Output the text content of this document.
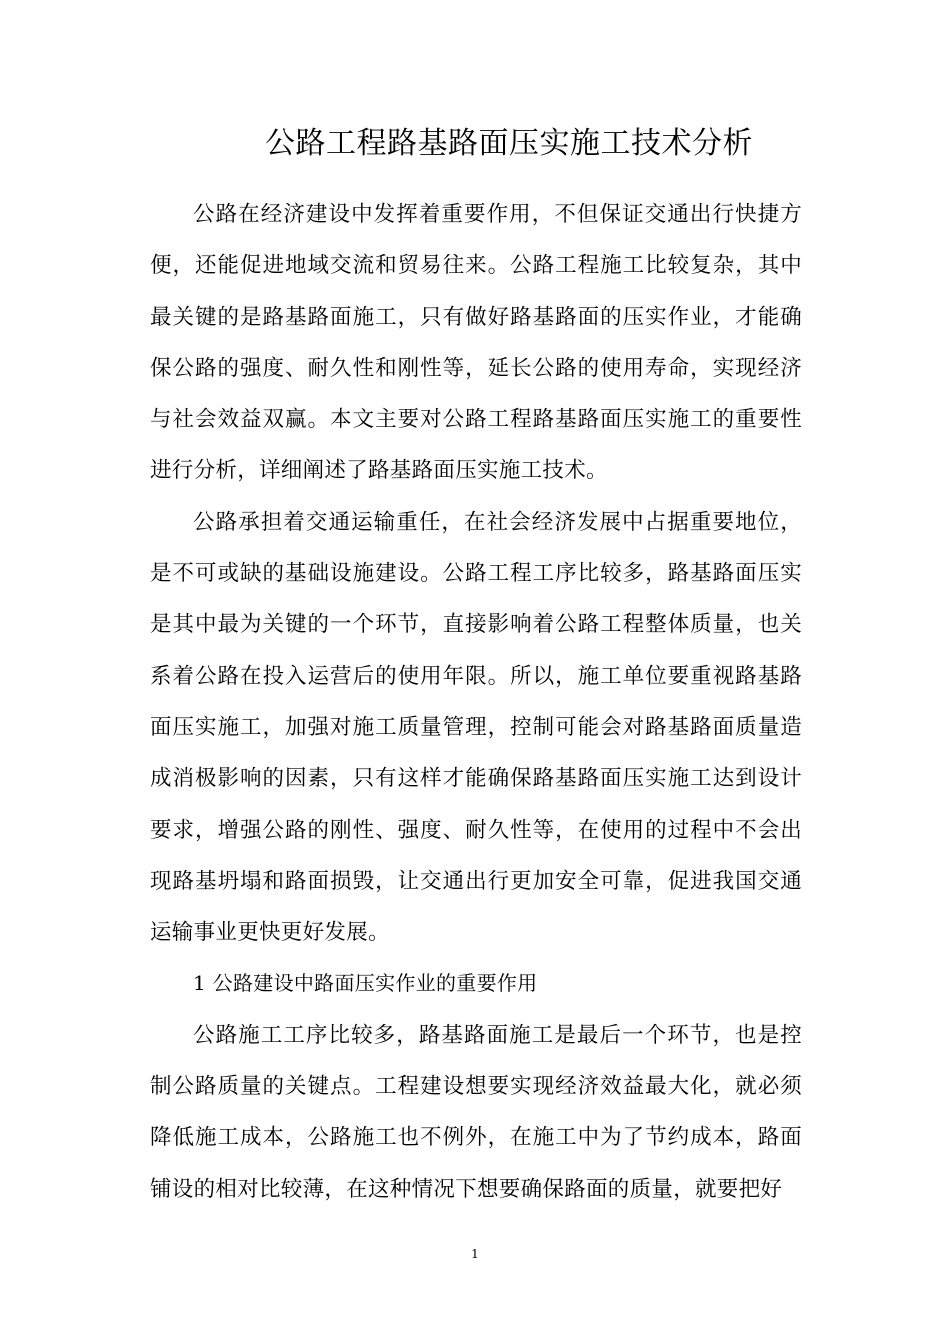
公路工程路基路面压实施工技术分析

公路在经济建设中发挥着重要作用，不但保证交通出行快捷方便，还能促进地域交流和贸易往来。公路工程施工比较复杂，其中最关键的是路基路面施工，只有做好路基路面的压实作业，才能确保公路的强度、耐久性和刚性等，延长公路的使用寿命，实现经济与社会效益双赢。本文主要对公路工程路基路面压实施工的重要性进行分析，详细阐述了路基路面压实施工技术。

公路承担着交通运输重任，在社会经济发展中占据重要地位，是不可或缺的基础设施建设。公路工程工序比较多，路基路面压实是其中最为关键的一个环节，直接影响着公路工程整体质量，也关系着公路在投入运营后的使用年限。所以，施工单位要重视路基路面压实施工，加强对施工质量管理，控制可能会对路基路面质量造成消极影响的因素，只有这样才能确保路基路面压实施工达到设计要求，增强公路的刚性、强度、耐久性等，在使用的过程中不会出现路基坍塌和路面损毁，让交通出行更加安全可靠，促进我国交通运输事业更快更好发展。

1 公路建设中路面压实作业的重要作用

公路施工工序比较多，路基路面施工是最后一个环节，也是控制公路质量的关键点。工程建设想要实现经济效益最大化，就必须降低施工成本，公路施工也不例外，在施工中为了节约成本，路面铺设的相对比较薄，在这种情况下想要确保路面的质量，就要把好

1
